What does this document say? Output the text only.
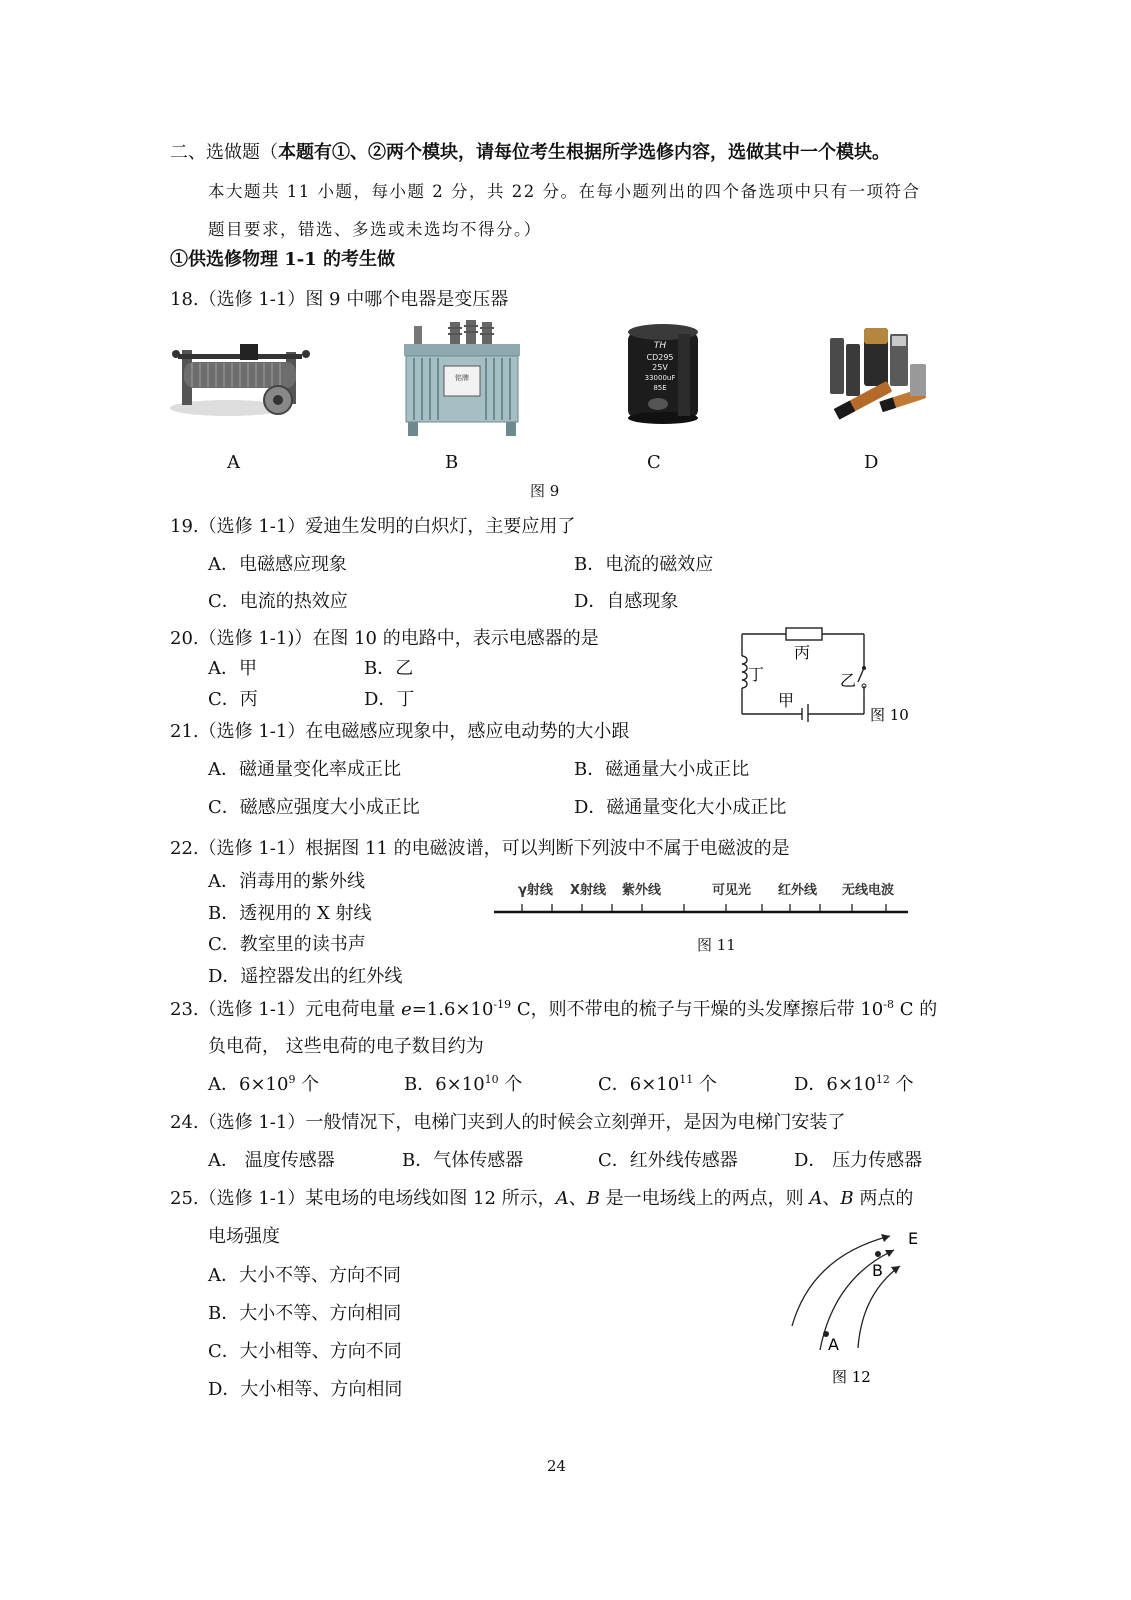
二、选做题（本题有①、②两个模块，请每位考生根据所学选修内容，选做其中一个模块。
本大题共 11 小题，每小题 2 分，共 22 分。在每小题列出的四个备选项中只有一项符合
题目要求，错选、多选或未选均不得分。）
①供选修物理 1-1 的考生做
18.（选修 1-1）图 9 中哪个电器是变压器
铭牌
TH
CD295
25V
33000uF
85E
A	B	C	D
图 9
19.（选修 1-1）爱迪生发明的白炽灯，主要应用了
A．电磁感应现象	B．电流的磁效应
C．电流的热效应	D．自感现象
20.（选修 1-1)）在图 10 的电路中，表示电感器的是
A．甲	B．乙
C．丙	D．丁
丙
丁	乙
甲
图 10
21.（选修 1-1）在电磁感应现象中，感应电动势的大小跟
A．磁通量变化率成正比	B．磁通量大小成正比
C．磁感应强度大小成正比	D．磁通量变化大小成正比
22.（选修 1-1）根据图 11 的电磁波谱，可以判断下列波中不属于电磁波的是
A．消毒用的紫外线
B．透视用的 X 射线
C．教室里的读书声
D．遥控器发出的红外线
γ射线 X射线 紫外线	可见光 红外线 无线电波
图 11
23.（选修 1-1）元电荷电量 $e=1.6\times 10^{-19}$ C，则不带电的梳子与干燥的头发摩擦后带 $10^{-8}$ C 的
负电荷， 这些电荷的电子数目约为
A．$6\times 10^9$ 个	B．$6\times 10^{10}$ 个	C．$6\times 10^{11}$ 个	D．$6\times 10^{12}$ 个
24.（选修 1-1）一般情况下，电梯门夹到人的时候会立刻弹开，是因为电梯门安装了
A． 温度传感器	B．气体传感器	C．红外线传感器	D． 压力传感器
25.（选修 1-1）某电场的电场线如图 12 所示，A、B 是一电场线上的两点，则 A、B 两点的
电场强度
A．大小不等、方向不同
B．大小不等、方向相同
C．大小相等、方向不同
D．大小相等、方向相同
E
B
A
图 12
24
